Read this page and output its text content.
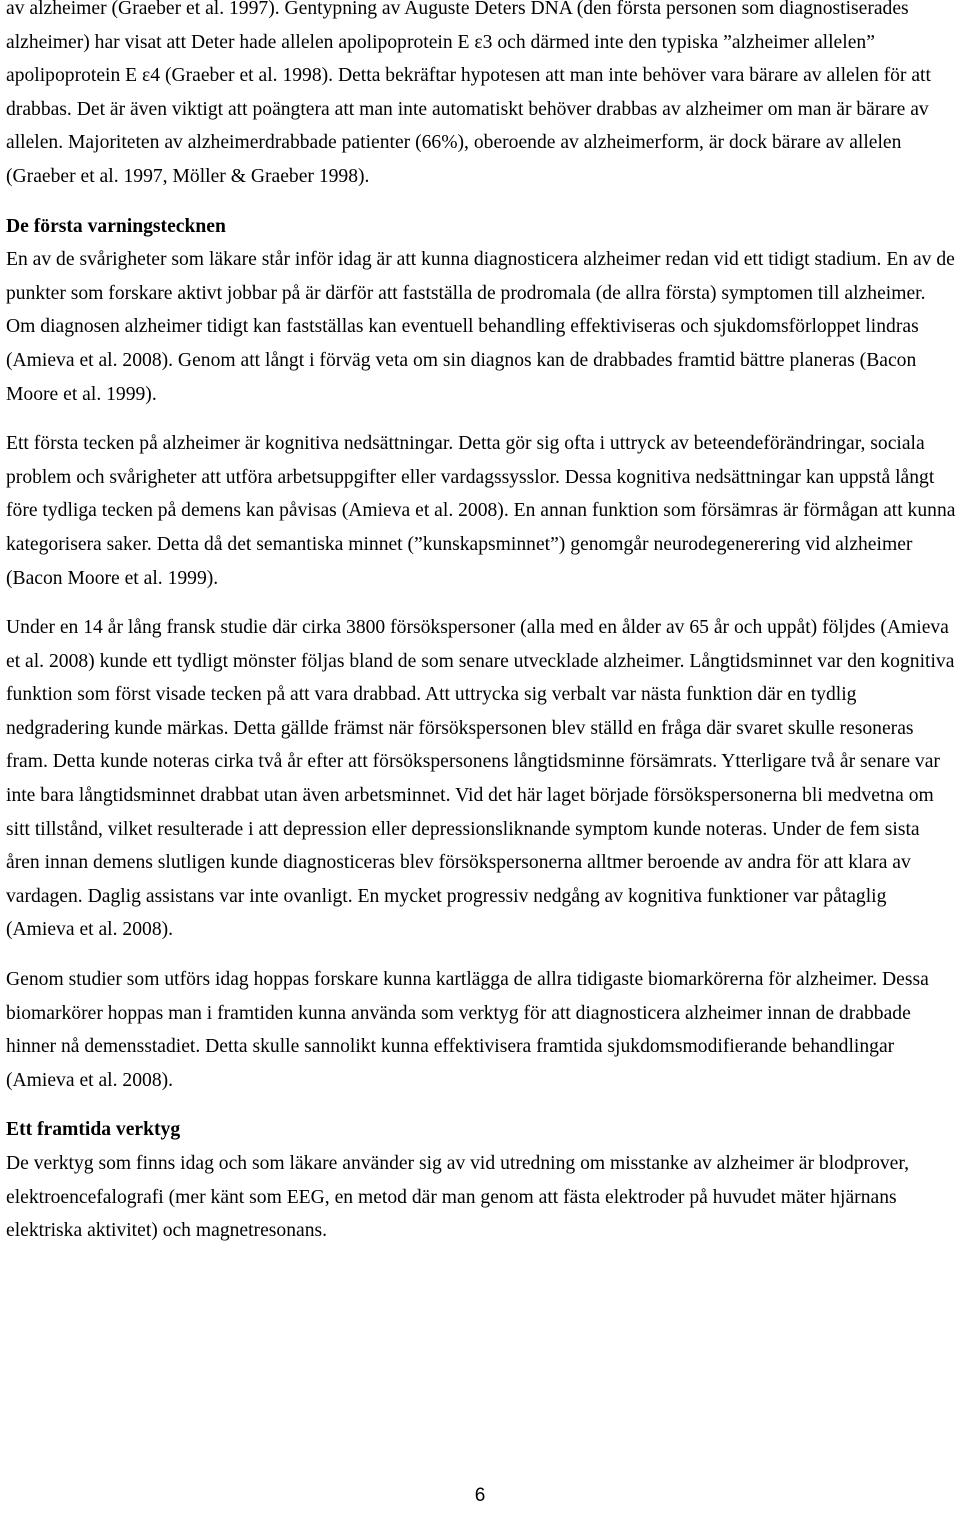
av alzheimer (Graeber et al. 1997). Gentypning av Auguste Deters DNA (den första personen som diagnostiserades alzheimer) har visat att Deter hade allelen apolipoprotein E ε3 och därmed inte den typiska ”alzheimer allelen” apolipoprotein E ε4 (Graeber et al. 1998). Detta bekräftar hypotesen att man inte behöver vara bärare av allelen för att drabbas. Det är även viktigt att poängtera att man inte automatiskt behöver drabbas av alzheimer om man är bärare av allelen. Majoriteten av alzheimerdrabbade patienter (66%), oberoende av alzheimerform, är dock bärare av allelen (Graeber et al. 1997, Möller & Graeber 1998).

De första varningstecknen

En av de svårigheter som läkare står inför idag är att kunna diagnosticera alzheimer redan vid ett tidigt stadium. En av de punkter som forskare aktivt jobbar på är därför att fastställa de prodromala (de allra första) symptomen till alzheimer. Om diagnosen alzheimer tidigt kan fastställas kan eventuell behandling effektiviseras och sjukdomsförloppet lindras (Amieva et al. 2008). Genom att långt i förväg veta om sin diagnos kan de drabbades framtid bättre planeras (Bacon Moore et al. 1999).

Ett första tecken på alzheimer är kognitiva nedsättningar. Detta gör sig ofta i uttryck av beteendeförändringar, sociala problem och svårigheter att utföra arbetsuppgifter eller vardagssysslor. Dessa kognitiva nedsättningar kan uppstå långt före tydliga tecken på demens kan påvisas (Amieva et al. 2008). En annan funktion som försämras är förmågan att kunna kategorisera saker. Detta då det semantiska minnet (”kunskapsminnet”) genomgår neurodegenerering vid alzheimer (Bacon Moore et al. 1999).

Under en 14 år lång fransk studie där cirka 3800 försökspersoner (alla med en ålder av 65 år och uppåt) följdes (Amieva et al. 2008) kunde ett tydligt mönster följas bland de som senare utvecklade alzheimer. Långtidsminnet var den kognitiva funktion som först visade tecken på att vara drabbad. Att uttrycka sig verbalt var nästa funktion där en tydlig nedgradering kunde märkas. Detta gällde främst när försökspersonen blev ställd en fråga där svaret skulle resoneras fram. Detta kunde noteras cirka två år efter att försökspersonens långtidsminne försämrats. Ytterligare två år senare var inte bara långtidsminnet drabbat utan även arbetsminnet. Vid det här laget började försökspersonerna bli medvetna om sitt tillstånd, vilket resulterade i att depression eller depressionsliknande symptom kunde noteras. Under de fem sista åren innan demens slutligen kunde diagnosticeras blev försökspersonerna alltmer beroende av andra för att klara av vardagen. Daglig assistans var inte ovanligt. En mycket progressiv nedgång av kognitiva funktioner var påtaglig (Amieva et al. 2008).

Genom studier som utförs idag hoppas forskare kunna kartlägga de allra tidigaste biomarkörerna för alzheimer. Dessa biomarkörer hoppas man i framtiden kunna använda som verktyg för att diagnosticera alzheimer innan de drabbade hinner nå demensstadiet. Detta skulle sannolikt kunna effektivisera framtida sjukdomsmodifierande behandlingar (Amieva et al. 2008).

Ett framtida verktyg

De verktyg som finns idag och som läkare använder sig av vid utredning om misstanke av alzheimer är blodprover, elektroencefalografi (mer känt som EEG, en metod där man genom att fästa elektroder på huvudet mäter hjärnans elektriska aktivitet) och magnetresonans.

6
